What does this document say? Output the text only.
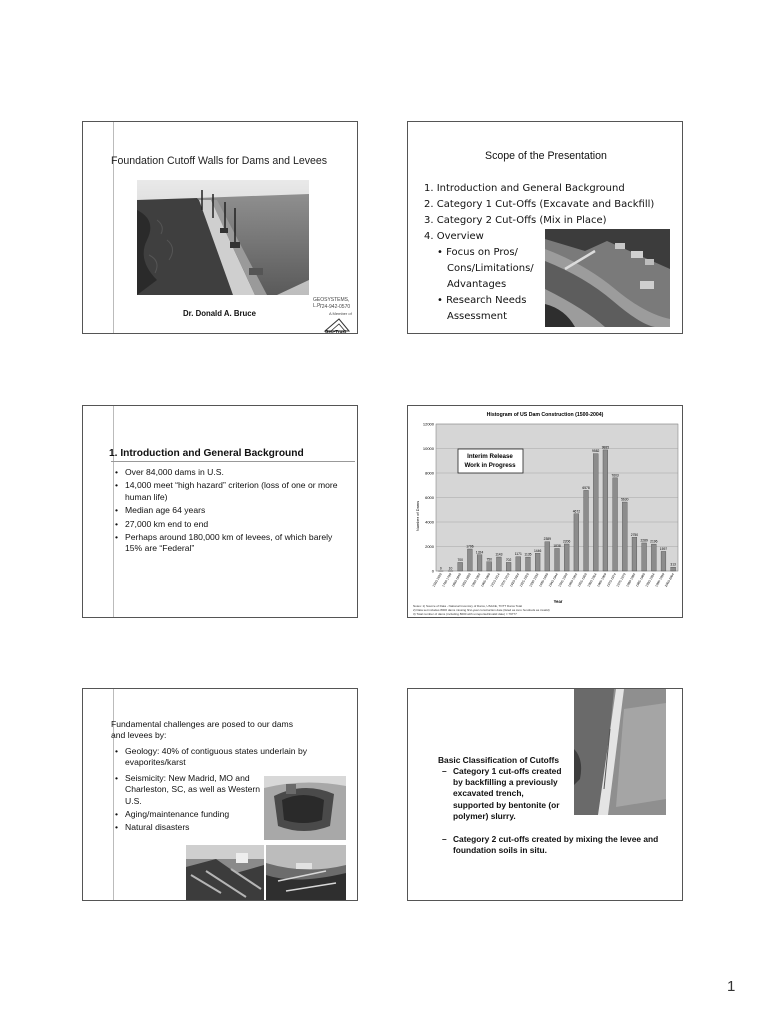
Foundation Cutoff Walls for Dams and Levees
GEOSYSTEMS, L.P.
724-942-0570
Dr. Donald A. Bruce	A Member of
Geo-Trust
Scope of the Presentation
1. Introduction and General Background
2. Category 1 Cut-Offs (Excavate and Backfill)
3. Category 2 Cut-Offs (Mix in Place)
4. Overview
• Focus on Pros/
Cons/Limitations/
Advantages
• Research Needs
Assessment
1. Introduction and General Background
• Over 84,000 dams in U.S.
• 14,000 meet “high hazard” criterion (loss of one or more human life)
• Median age 64 years
• 27,000 km end to end
• Perhaps around 180,000 km of levees, of which barely 15% are “Federal”
Histogram of US Dam Construction (1500-2004)
0
2000
4000
6000
8000
10000
12000
0 10
700
1796
1324
750
1143
702
1171 1135
1446
2389
1838
2206
4672
6578
9582
9885
7603
5630
2750
2289 2196
1597
313
1500-1699
1700-1799
1800-1849
1850-1899
1900-1904
1905-1909
1910-1914
1915-1919
1920-1924
1925-1929
1930-1934
1935-1939
1940-1944
1945-1949
1950-1954
1955-1959
1960-1964
1965-1969
1970-1974
1975-1979
1980-1984
1985-1989
1990-1994
1995-1999
2000-2004
Number of Dams
Year
Interim Release
Work in Progress
Notes: 1) Source of Data - National Inventory of Dams, USACE, TOTT Dams Total
2) Data set includes 8000 dams missing first-year construction date (listed as zero hundreds as invalid)
3) Total number of dams (including 8000 with unreported/invalid date) = 79777
Fundamental challenges are posed to our dams
and levees by:
• Geology: 40% of contiguous states underlain by evaporites/karst
• Seismicity: New Madrid, MO and Charleston, SC, as well as Western U.S.
• Aging/maintenance funding
• Natural disasters
Basic Classification of Cutoffs
– Category 1 cut-offs created by backfilling a previously excavated trench, supported by bentonite (or polymer) slurry.
– Category 2 cut-offs created by mixing the levee and foundation soils in situ.
1
